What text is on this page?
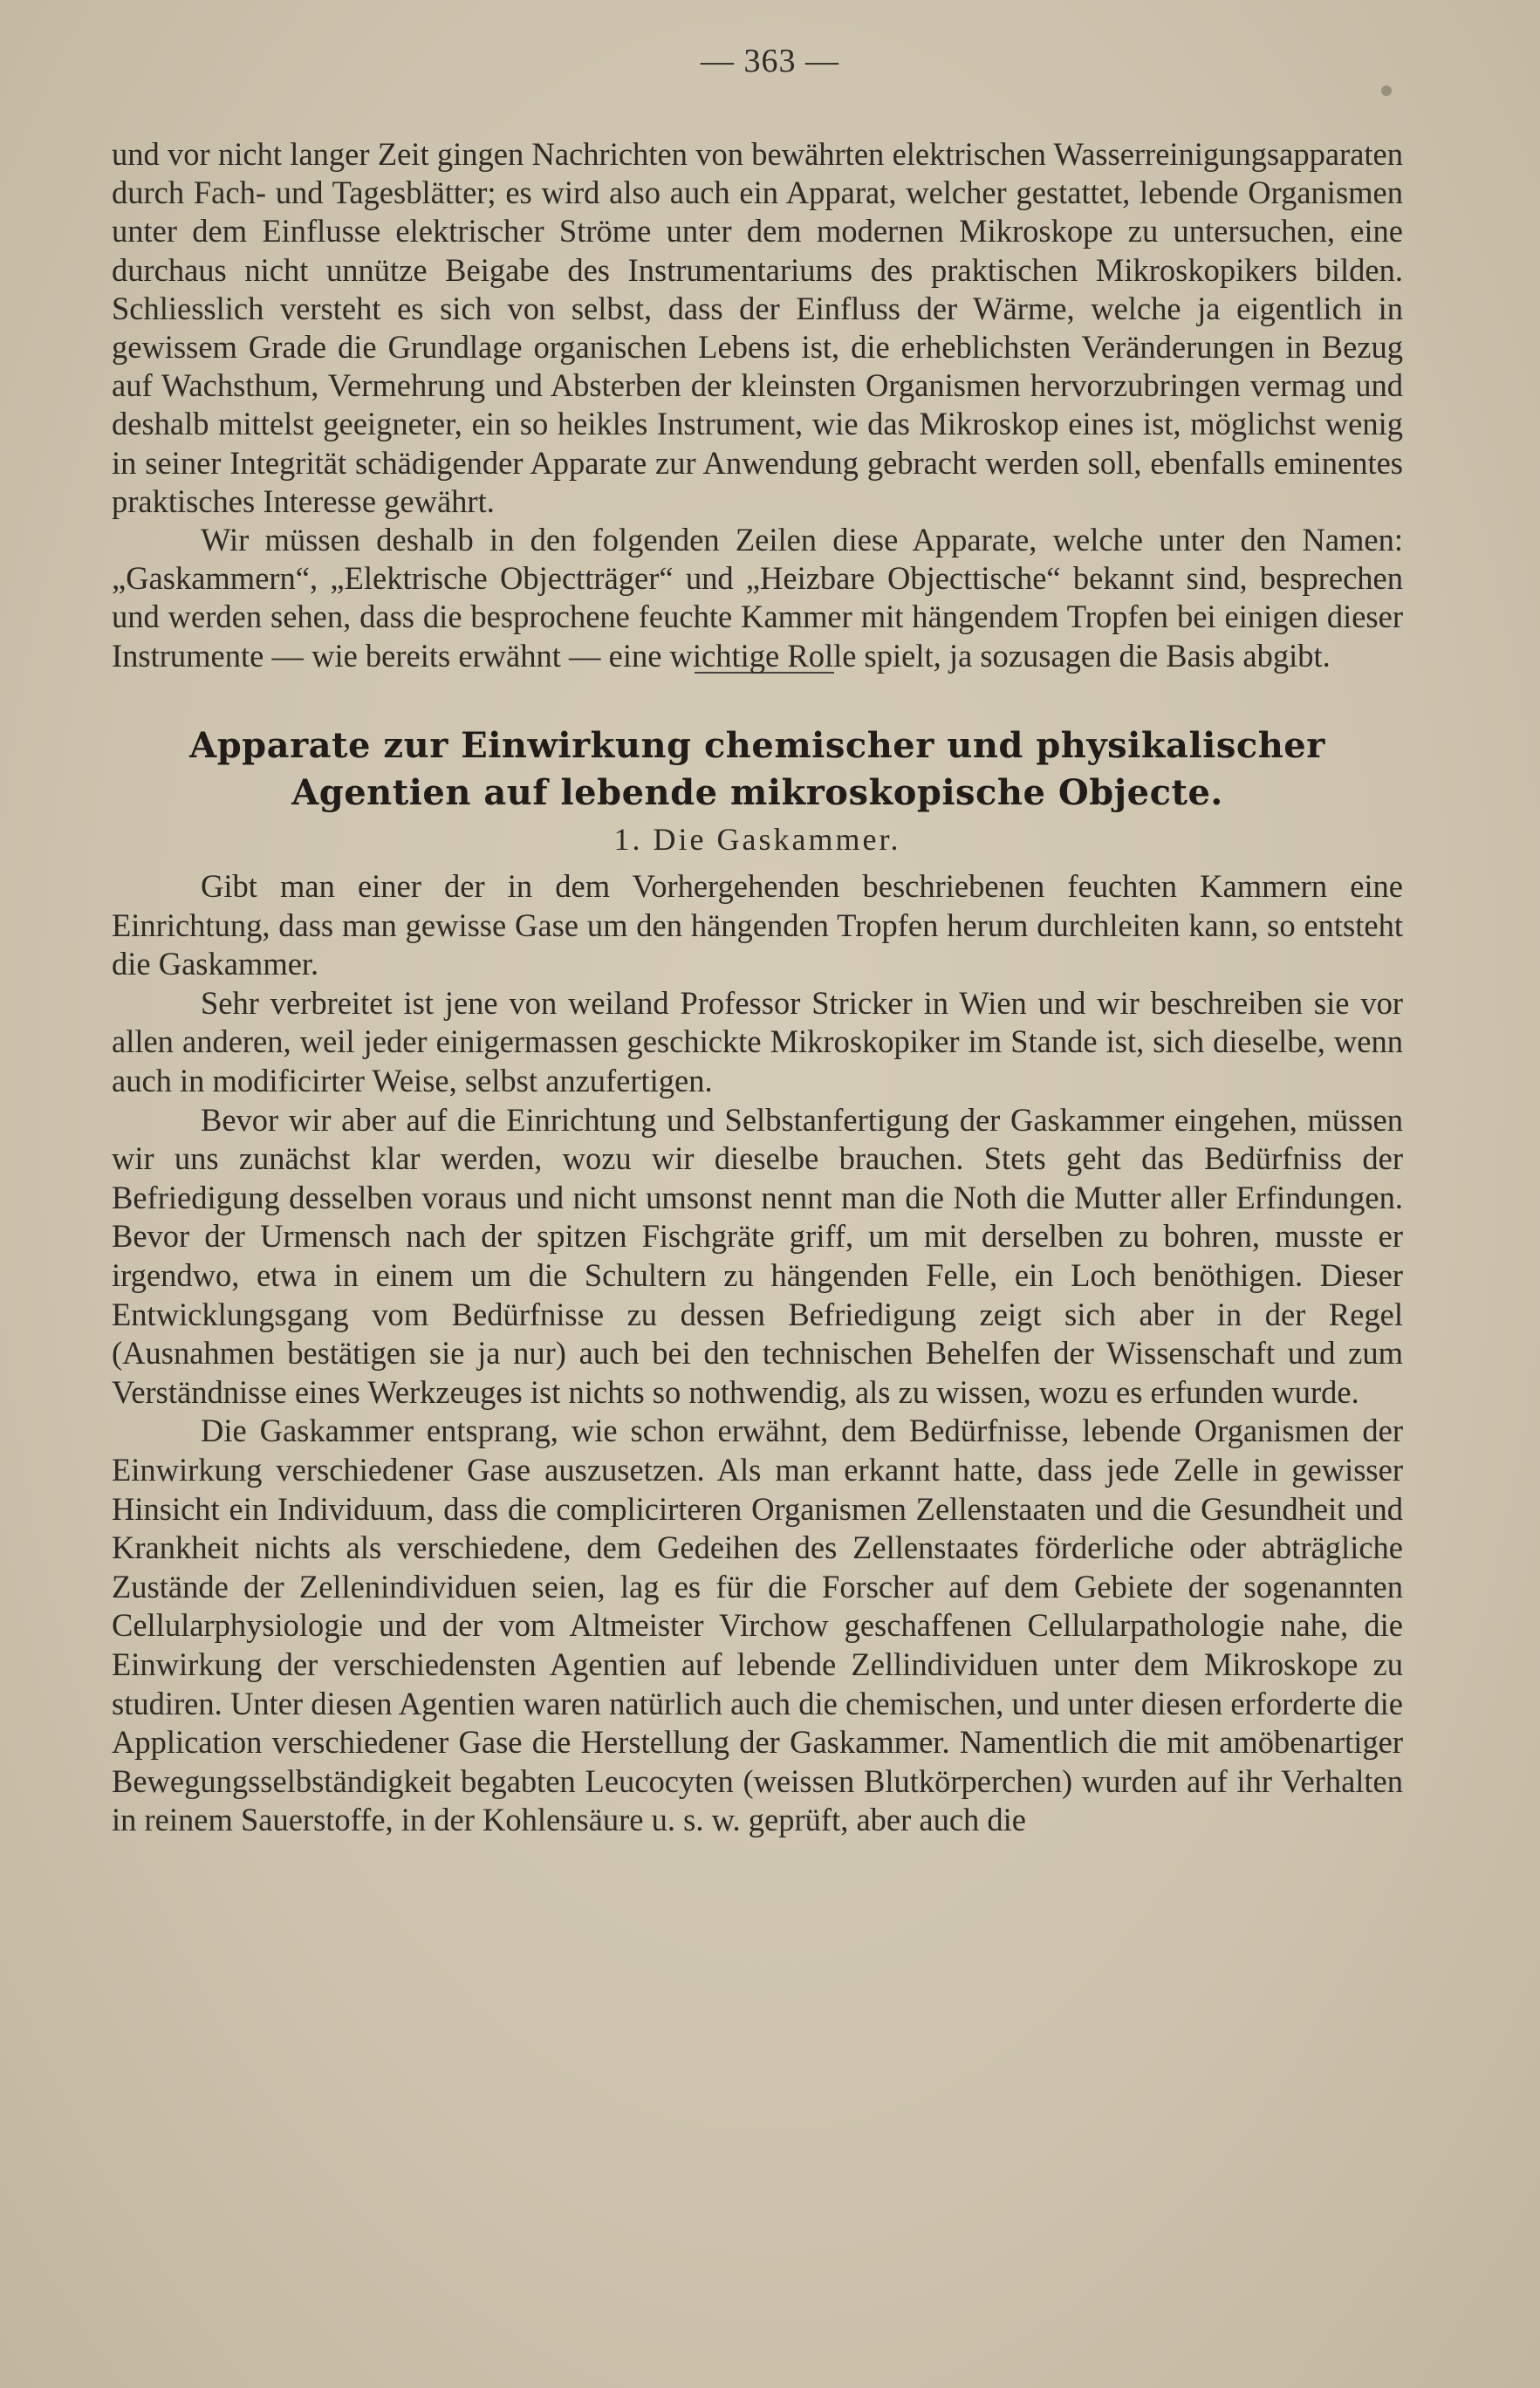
— 363 —

und vor nicht langer Zeit gingen Nachrichten von bewährten elektrischen Wasserreinigungsapparaten durch Fach- und Tagesblätter; es wird also auch ein Apparat, welcher gestattet, lebende Organismen unter dem Einflusse elektrischer Ströme unter dem modernen Mikroskope zu untersuchen, eine durchaus nicht unnütze Beigabe des Instrumentariums des praktischen Mikroskopikers bilden. Schliesslich versteht es sich von selbst, dass der Einfluss der Wärme, welche ja eigentlich in gewissem Grade die Grundlage organischen Lebens ist, die erheblichsten Veränderungen in Bezug auf Wachsthum, Vermehrung und Absterben der kleinsten Organismen hervorzubringen vermag und deshalb mittelst geeigneter, ein so heikles Instrument, wie das Mikroskop eines ist, möglichst wenig in seiner Integrität schädigender Apparate zur Anwendung gebracht werden soll, ebenfalls eminentes praktisches Interesse gewährt.

Wir müssen deshalb in den folgenden Zeilen diese Apparate, welche unter den Namen: „Gaskammern“, „Elektrische Objectträger“ und „Heizbare Objecttische“ bekannt sind, besprechen und werden sehen, dass die besprochene feuchte Kammer mit hängendem Tropfen bei einigen dieser Instrumente — wie bereits erwähnt — eine wichtige Rolle spielt, ja sozusagen die Basis abgibt.

Apparate zur Einwirkung chemischer und physikalischer
Agentien auf lebende mikroskopische Objecte.
1. Die Gaskammer.

Gibt man einer der in dem Vorhergehenden beschriebenen feuchten Kammern eine Einrichtung, dass man gewisse Gase um den hängenden Tropfen herum durchleiten kann, so entsteht die Gaskammer.

Sehr verbreitet ist jene von weiland Professor Stricker in Wien und wir beschreiben sie vor allen anderen, weil jeder einigermassen geschickte Mikroskopiker im Stande ist, sich dieselbe, wenn auch in modificirter Weise, selbst anzufertigen.

Bevor wir aber auf die Einrichtung und Selbstanfertigung der Gaskammer eingehen, müssen wir uns zunächst klar werden, wozu wir dieselbe brauchen. Stets geht das Bedürfniss der Befriedigung desselben voraus und nicht umsonst nennt man die Noth die Mutter aller Erfindungen. Bevor der Urmensch nach der spitzen Fischgräte griff, um mit derselben zu bohren, musste er irgendwo, etwa in einem um die Schultern zu hängenden Felle, ein Loch benöthigen. Dieser Entwicklungsgang vom Bedürfnisse zu dessen Befriedigung zeigt sich aber in der Regel (Ausnahmen bestätigen sie ja nur) auch bei den technischen Behelfen der Wissenschaft und zum Verständnisse eines Werkzeuges ist nichts so nothwendig, als zu wissen, wozu es erfunden wurde.

Die Gaskammer entsprang, wie schon erwähnt, dem Bedürfnisse, lebende Organismen der Einwirkung verschiedener Gase auszusetzen. Als man erkannt hatte, dass jede Zelle in gewisser Hinsicht ein Individuum, dass die complicirteren Organismen Zellenstaaten und die Gesundheit und Krankheit nichts als verschiedene, dem Gedeihen des Zellenstaates förderliche oder abträgliche Zustände der Zellenindividuen seien, lag es für die Forscher auf dem Gebiete der sogenannten Cellularphysiologie und der vom Altmeister Virchow geschaffenen Cellularpathologie nahe, die Einwirkung der verschiedensten Agentien auf lebende Zellindividuen unter dem Mikroskope zu studiren. Unter diesen Agentien waren natürlich auch die chemischen, und unter diesen erforderte die Application verschiedener Gase die Herstellung der Gaskammer. Namentlich die mit amöbenartiger Bewegungsselbständigkeit begabten Leucocyten (weissen Blutkörperchen) wurden auf ihr Verhalten in reinem Sauerstoffe, in der Kohlensäure u. s. w. geprüft, aber auch die
